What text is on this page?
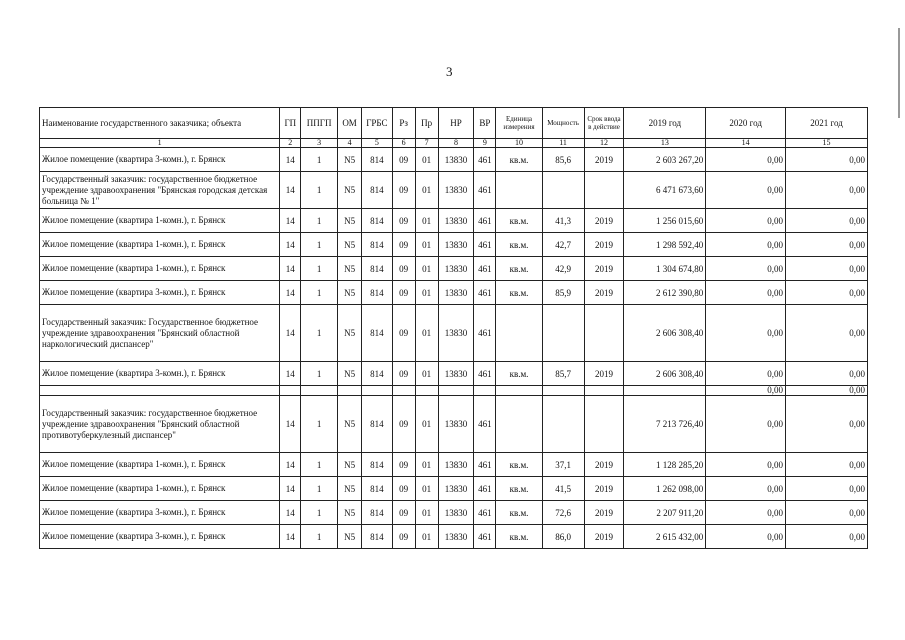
3
Наименование государственного заказчика; объекта	ГП	ППГП	ОМ	ГРБС	Рз	Пр	НР	ВР	Единица измерения	Мощность	Срок ввода в действие	2019 год	2020 год	2021 год
1	2	3	4	5	6	7	8	9	10	11	12	13	14	15
Жилое помещение (квартира 3-комн.), г. Брянск	14	1	N5	814	09	01	13830	461	кв.м.	85,6	2019	2 603 267,20	0,00	0,00
Государственный заказчик: государственное бюджетное учреждение здравоохранения "Брянская городская детская больница № 1"	14	1	N5	814	09	01	13830	461				6 471 673,60	0,00	0,00
Жилое помещение (квартира 1-комн.), г. Брянск	14	1	N5	814	09	01	13830	461	кв.м.	41,3	2019	1 256 015,60	0,00	0,00
Жилое помещение (квартира 1-комн.), г. Брянск	14	1	N5	814	09	01	13830	461	кв.м.	42,7	2019	1 298 592,40	0,00	0,00
Жилое помещение (квартира 1-комн.), г. Брянск	14	1	N5	814	09	01	13830	461	кв.м.	42,9	2019	1 304 674,80	0,00	0,00
Жилое помещение (квартира 3-комн.), г. Брянск	14	1	N5	814	09	01	13830	461	кв.м.	85,9	2019	2 612 390,80	0,00	0,00
Государственный заказчик: Государственное бюджетное учреждение здравоохранения "Брянский областной наркологический диспансер"	14	1	N5	814	09	01	13830	461				2 606 308,40	0,00	0,00
Жилое помещение (квартира 3-комн.), г. Брянск	14	1	N5	814	09	01	13830	461	кв.м.	85,7	2019	2 606 308,40	0,00	0,00
													0,00	0,00
Государственный заказчик: государственное бюджетное учреждение здравоохранения "Брянский областной противотуберкулезный диспансер"	14	1	N5	814	09	01	13830	461				7 213 726,40	0,00	0,00
Жилое помещение (квартира 1-комн.), г. Брянск	14	1	N5	814	09	01	13830	461	кв.м.	37,1	2019	1 128 285,20	0,00	0,00
Жилое помещение (квартира 1-комн.), г. Брянск	14	1	N5	814	09	01	13830	461	кв.м.	41,5	2019	1 262 098,00	0,00	0,00
Жилое помещение (квартира 3-комн.), г. Брянск	14	1	N5	814	09	01	13830	461	кв.м.	72,6	2019	2 207 911,20	0,00	0,00
Жилое помещение (квартира 3-комн.), г. Брянск	14	1	N5	814	09	01	13830	461	кв.м.	86,0	2019	2 615 432,00	0,00	0,00
